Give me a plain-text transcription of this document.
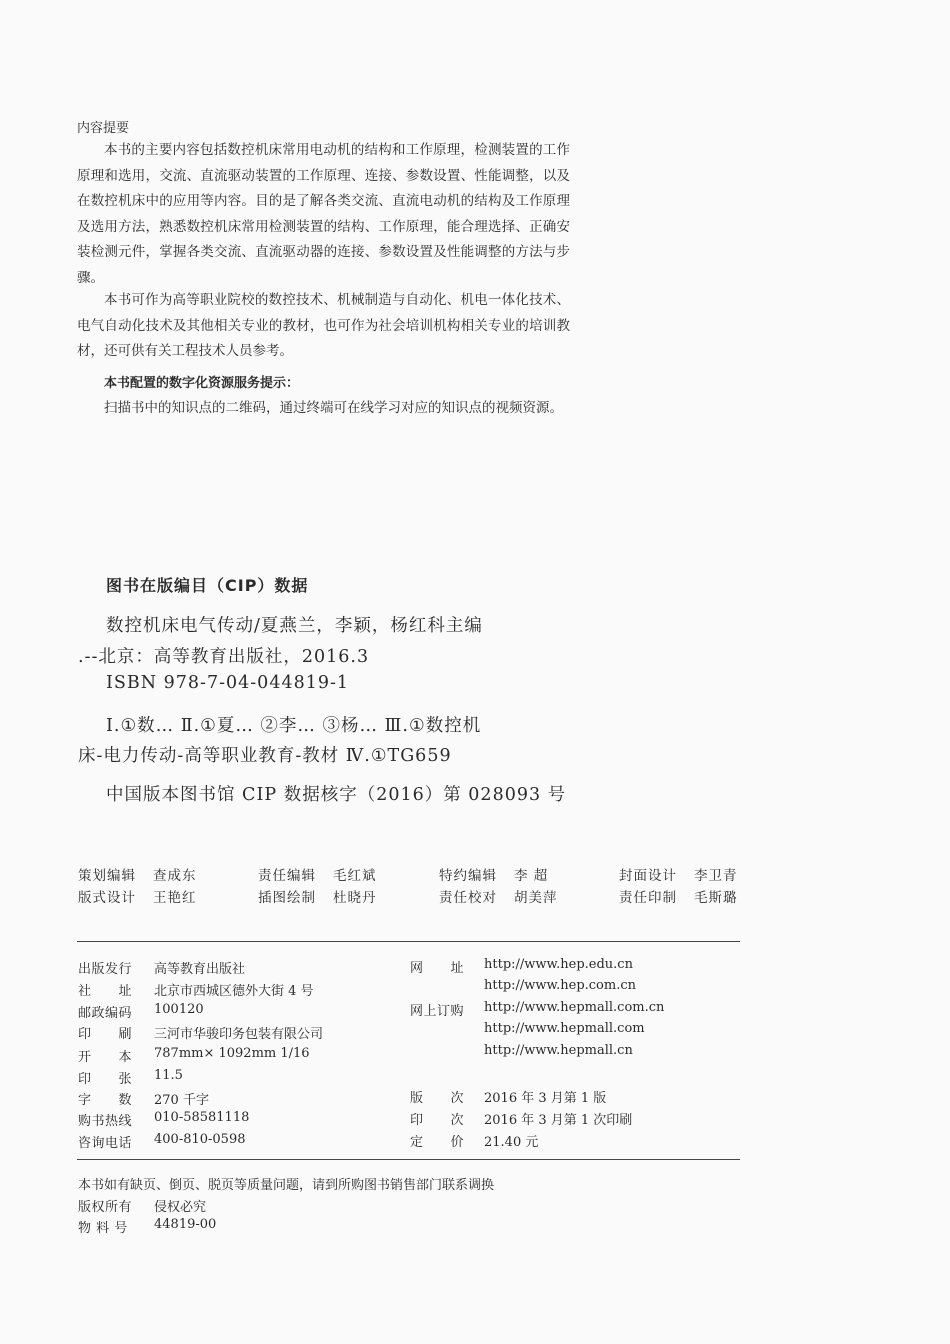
内容提要
本书的主要内容包括数控机床常用电动机的结构和工作原理，检测装置的工作原理和选用，交流、直流驱动装置的工作原理、连接、参数设置、性能调整，以及在数控机床中的应用等内容。目的是了解各类交流、直流电动机的结构及工作原理及选用方法，熟悉数控机床常用检测装置的结构、工作原理，能合理选择、正确安装检测元件，掌握各类交流、直流驱动器的连接、参数设置及性能调整的方法与步骤。
本书可作为高等职业院校的数控技术、机械制造与自动化、机电一体化技术、电气自动化技术及其他相关专业的教材，也可作为社会培训机构相关专业的培训教材，还可供有关工程技术人员参考。
本书配置的数字化资源服务提示：
扫描书中的知识点的二维码，通过终端可在线学习对应的知识点的视频资源。
图书在版编目（CIP）数据
数控机床电气传动/夏燕兰，李颖，杨红科主编
.--北京：高等教育出版社，2016.3
ISBN 978-7-04-044819-1
Ⅰ.①数… Ⅱ.①夏… ②李… ③杨… Ⅲ.①数控机
床-电力传动-高等职业教育-教材 Ⅳ.①TG659
中国版本图书馆 CIP 数据核字（2016）第 028093 号
策划编辑 查成东	责任编辑 毛红斌	特约编辑 李 超	封面设计 李卫青
版式设计 王艳红	插图绘制 杜晓丹	责任校对 胡美萍	责任印制 毛斯璐
出版发行 高等教育出版社
社　　址 北京市西城区德外大街 4 号
邮政编码 100120
印　　刷 三河市华骏印务包装有限公司
开　　本 787mm× 1092mm 1/16
印　　张 11.5
字　　数 270 千字
购书热线 010-58581118
咨询电话 400-810-0598
网　　址 http://www.hep.edu.cn
http://www.hep.com.cn
网上订购 http://www.hepmall.com.cn
http://www.hepmall.com
http://www.hepmall.cn
版　　次 2016 年 3 月第 1 版
印　　次 2016 年 3 月第 1 次印刷
定　　价 21.40 元
本书如有缺页、倒页、脱页等质量问题，请到所购图书销售部门联系调换
版权所有 侵权必究
物 料 号 44819-00
